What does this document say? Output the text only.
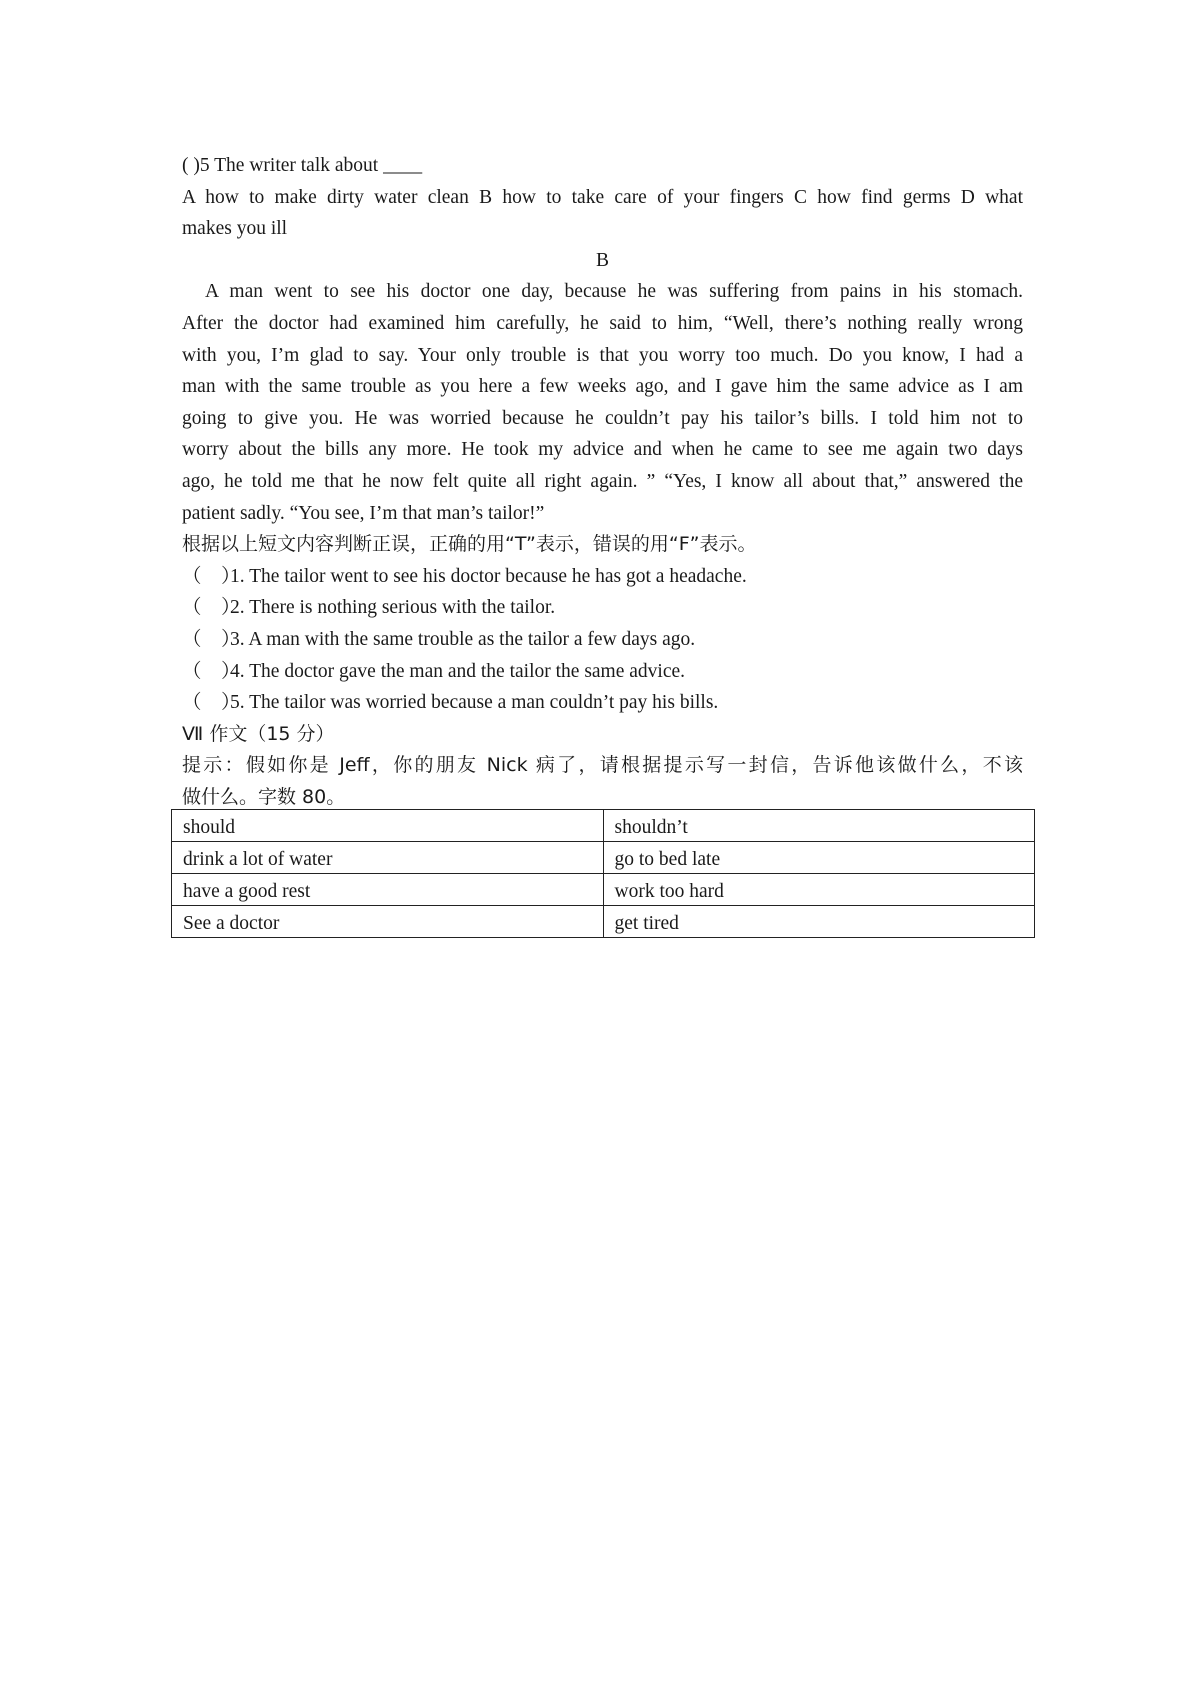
( )5 The writer talk about ____

A how to make dirty water clean B how to take care of your fingers C how find germs D what

makes you ill

B

A man went to see his doctor one day, because he was suffering from pains in his stomach.

After the doctor had examined him carefully, he said to him, “Well, there’s nothing really wrong

with you, I’m glad to say. Your only trouble is that you worry too much. Do you know, I had a

man with the same trouble as you here a few weeks ago, and I gave him the same advice as I am

going to give you. He was worried because he couldn’t pay his tailor’s bills. I told him not to

worry about the bills any more. He took my advice and when he came to see me again two days

ago, he told me that he now felt quite all right again. ” “Yes, I know all about that,” answered the

patient sadly. “You see, I’m that man’s tailor!”

根据以上短文内容判断正误，正确的用“T”表示，错误的用“F”表示。

（　）1. The tailor went to see his doctor because he has got a headache.

（　）2. There is nothing serious with the tailor.

（　）3. A man with the same trouble as the tailor a few days ago.

（　）4. The doctor gave the man and the tailor the same advice.

（　）5. The tailor was worried because a man couldn’t pay his bills.

Ⅶ 作文（15 分）

提示：假如你是 Jeff，你的朋友 Nick 病了，请根据提示写一封信，告诉他该做什么，不该

做什么。字数 80。

should	shouldn’t
drink a lot of water	go to bed late
have a good rest	work too hard
See a doctor	get tired
